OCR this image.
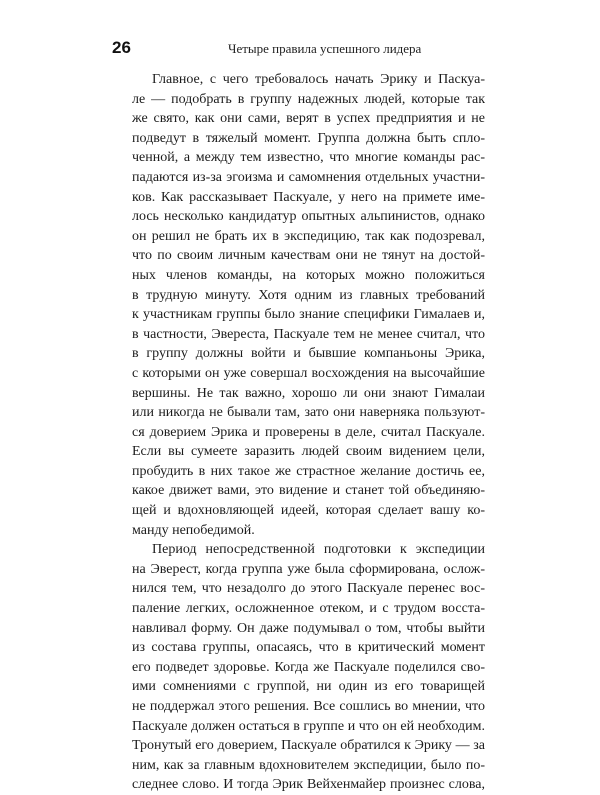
26	Четыре правила успешного лидера
Главное, с чего требовалось начать Эрику и Паскуа-
ле — подобрать в группу надежных людей, которые так
же свято, как они сами, верят в успех предприятия и не
подведут в тяжелый момент. Группа должна быть спло-
ченной, а между тем известно, что многие команды рас-
падаются из-за эгоизма и самомнения отдельных участни-
ков. Как рассказывает Паскуале, у него на примете име-
лось несколько кандидатур опытных альпинистов, однако
он решил не брать их в экспедицию, так как подозревал,
что по своим личным качествам они не тянут на достой-
ных членов команды, на которых можно положиться
в трудную минуту. Хотя одним из главных требований
к участникам группы было знание специфики Гималаев и,
в частности, Эвереста, Паскуале тем не менее считал, что
в группу должны войти и бывшие компаньоны Эрика,
с которыми он уже совершал восхождения на высочайшие
вершины. Не так важно, хорошо ли они знают Гималаи
или никогда не бывали там, зато они наверняка пользуют-
ся доверием Эрика и проверены в деле, считал Паскуале.
Если вы сумеете заразить людей своим видением цели,
пробудить в них такое же страстное желание достичь ее,
какое движет вами, это видение и станет той объединяю-
щей и вдохновляющей идеей, которая сделает вашу ко-
манду непобедимой.
Период непосредственной подготовки к экспедиции
на Эверест, когда группа уже была сформирована, ослож-
нился тем, что незадолго до этого Паскуале перенес вос-
паление легких, осложненное отеком, и с трудом восста-
навливал форму. Он даже подумывал о том, чтобы выйти
из состава группы, опасаясь, что в критический момент
его подведет здоровье. Когда же Паскуале поделился сво-
ими сомнениями с группой, ни один из его товарищей
не поддержал этого решения. Все сошлись во мнении, что
Паскуале должен остаться в группе и что он ей необходим.
Тронутый его доверием, Паскуале обратился к Эрику — за
ним, как за главным вдохновителем экспедиции, было по-
следнее слово. И тогда Эрик Вейхенмайер произнес слова,
